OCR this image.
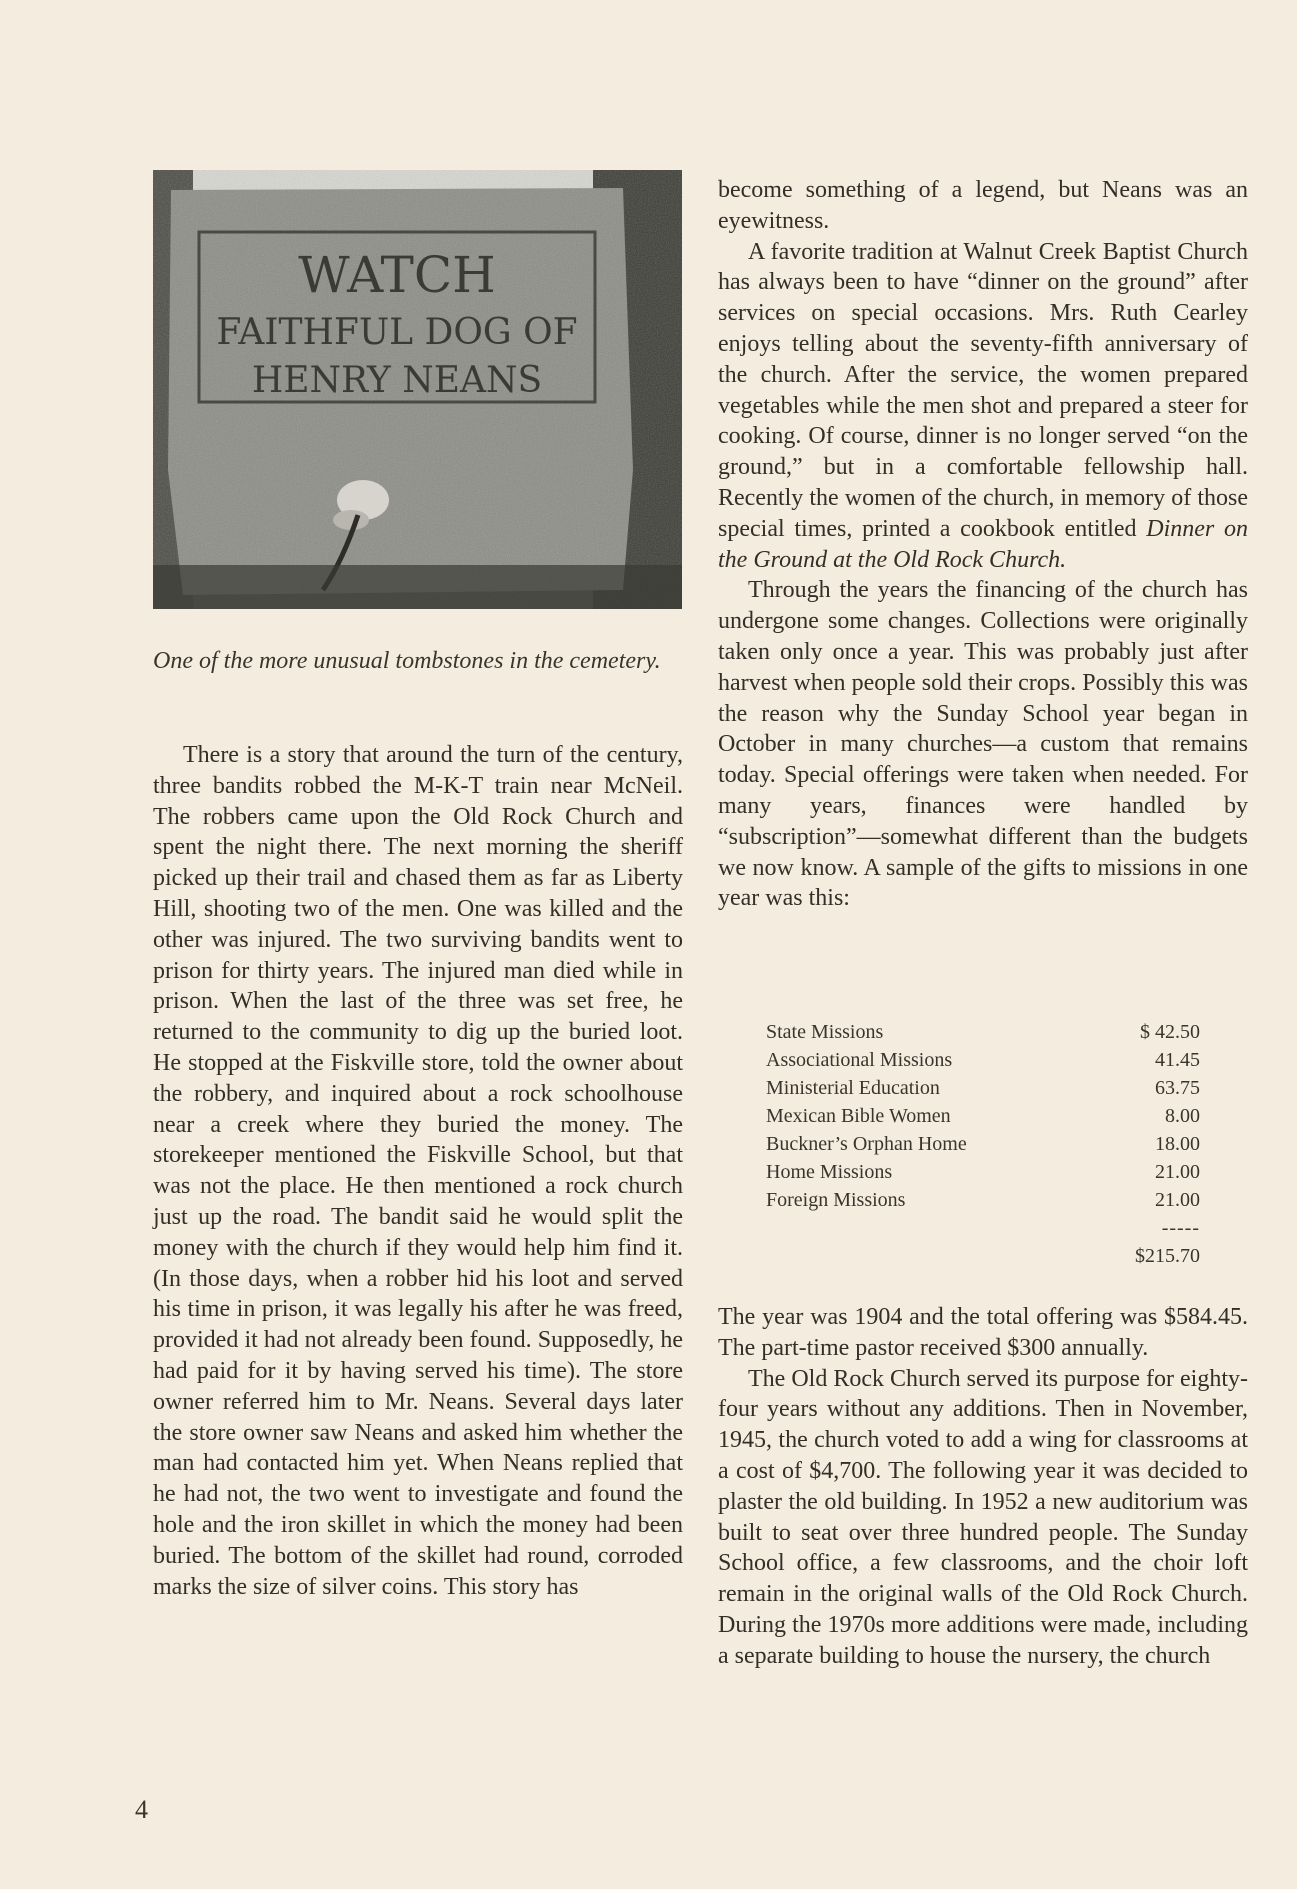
WATCH
FAITHFUL DOG OF
HENRY NEANS
One of the more unusual tombstones in the cemetery.

There is a story that around the turn of the century, three bandits robbed the M-K-T train near McNeil. The robbers came upon the Old Rock Church and spent the night there. The next morning the sheriff picked up their trail and chased them as far as Liberty Hill, shooting two of the men. One was killed and the other was injured. The two surviving bandits went to prison for thirty years. The injured man died while in prison. When the last of the three was set free, he returned to the community to dig up the buried loot. He stopped at the Fiskville store, told the owner about the robbery, and inquired about a rock schoolhouse near a creek where they buried the money. The storekeeper mentioned the Fiskville School, but that was not the place. He then mentioned a rock church just up the road. The bandit said he would split the money with the church if they would help him find it. (In those days, when a robber hid his loot and served his time in prison, it was legally his after he was freed, provided it had not already been found. Supposedly, he had paid for it by having served his time). The store owner referred him to Mr. Neans. Several days later the store owner saw Neans and asked him whether the man had contacted him yet. When Neans replied that he had not, the two went to investigate and found the hole and the iron skillet in which the money had been buried. The bottom of the skillet had round, corroded marks the size of silver coins. This story has

become something of a legend, but Neans was an eyewitness.

A favorite tradition at Walnut Creek Baptist Church has always been to have “dinner on the ground” after services on special occasions. Mrs. Ruth Cearley enjoys telling about the seventy-fifth anniversary of the church. After the service, the women prepared vegetables while the men shot and prepared a steer for cooking. Of course, dinner is no longer served “on the ground,” but in a comfortable fellowship hall. Recently the women of the church, in memory of those special times, printed a cookbook entitled Dinner on the Ground at the Old Rock Church.

Through the years the financing of the church has undergone some changes. Collections were originally taken only once a year. This was probably just after harvest when people sold their crops. Possibly this was the reason why the Sunday School year began in October in many churches—a custom that remains today. Special offerings were taken when needed. For many years, finances were handled by “subscription”—somewhat different than the budgets we now know. A sample of the gifts to missions in one year was this:

State Missions	$ 42.50
Associational Missions	41.45
Ministerial Education	63.75
Mexican Bible Women	8.00
Buckner’s Orphan Home	18.00
Home Missions	21.00
Foreign Missions	21.00
-----
$215.70

The year was 1904 and the total offering was $584.45. The part-time pastor received $300 annually.

The Old Rock Church served its purpose for eighty-four years without any additions. Then in November, 1945, the church voted to add a wing for classrooms at a cost of $4,700. The following year it was decided to plaster the old building. In 1952 a new auditorium was built to seat over three hundred people. The Sunday School office, a few classrooms, and the choir loft remain in the original walls of the Old Rock Church. During the 1970s more additions were made, including a separate building to house the nursery, the church

4
